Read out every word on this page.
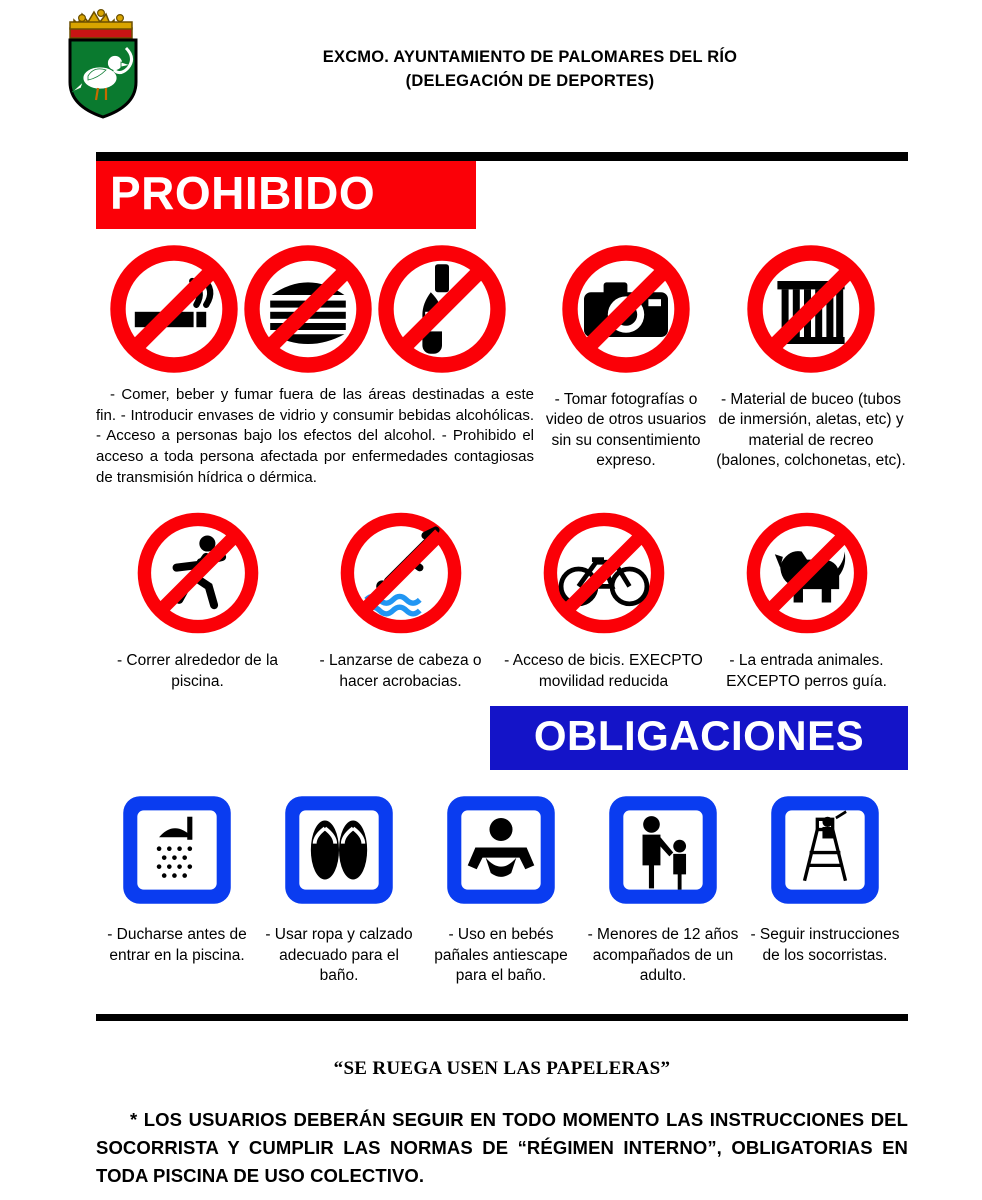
EXCMO. AYUNTAMIENTO DE PALOMARES DEL RÍO
(DELEGACIÓN DE DEPORTES)
PROHIBIDO
- Comer, beber y fumar fuera de las áreas destinadas a este fin. - Introducir envases de vidrio y consumir bebidas alcohólicas. - Acceso a personas bajo los efectos del alcohol. - Prohibido el acceso a toda persona afectada por enfermedades contagiosas de transmisión hídrica o dérmica.
- Tomar fotografías o video de otros usuarios sin su consentimiento expreso.
- Material de buceo (tubos de inmersión, aletas, etc) y material de recreo (balones, colchonetas, etc).
- Correr alrededor de la piscina.
- Lanzarse de cabeza o hacer acrobacias.
- Acceso de bicis. EXECPTO movilidad reducida
- La entrada animales. EXCEPTO perros guía.
OBLIGACIONES
- Ducharse antes de entrar en la piscina.
- Usar ropa y calzado adecuado para el baño.
- Uso en bebés pañales antiescape para el baño.
- Menores de 12 años acompañados de un adulto.
- Seguir instrucciones de los socorristas.
“SE RUEGA USEN LAS PAPELERAS”
* LOS USUARIOS DEBERÁN SEGUIR EN TODO MOMENTO LAS INSTRUCCIONES DEL SOCORRISTA Y CUMPLIR LAS NORMAS DE “RÉGIMEN INTERNO”, OBLIGATORIAS EN TODA PISCINA DE USO COLECTIVO.
